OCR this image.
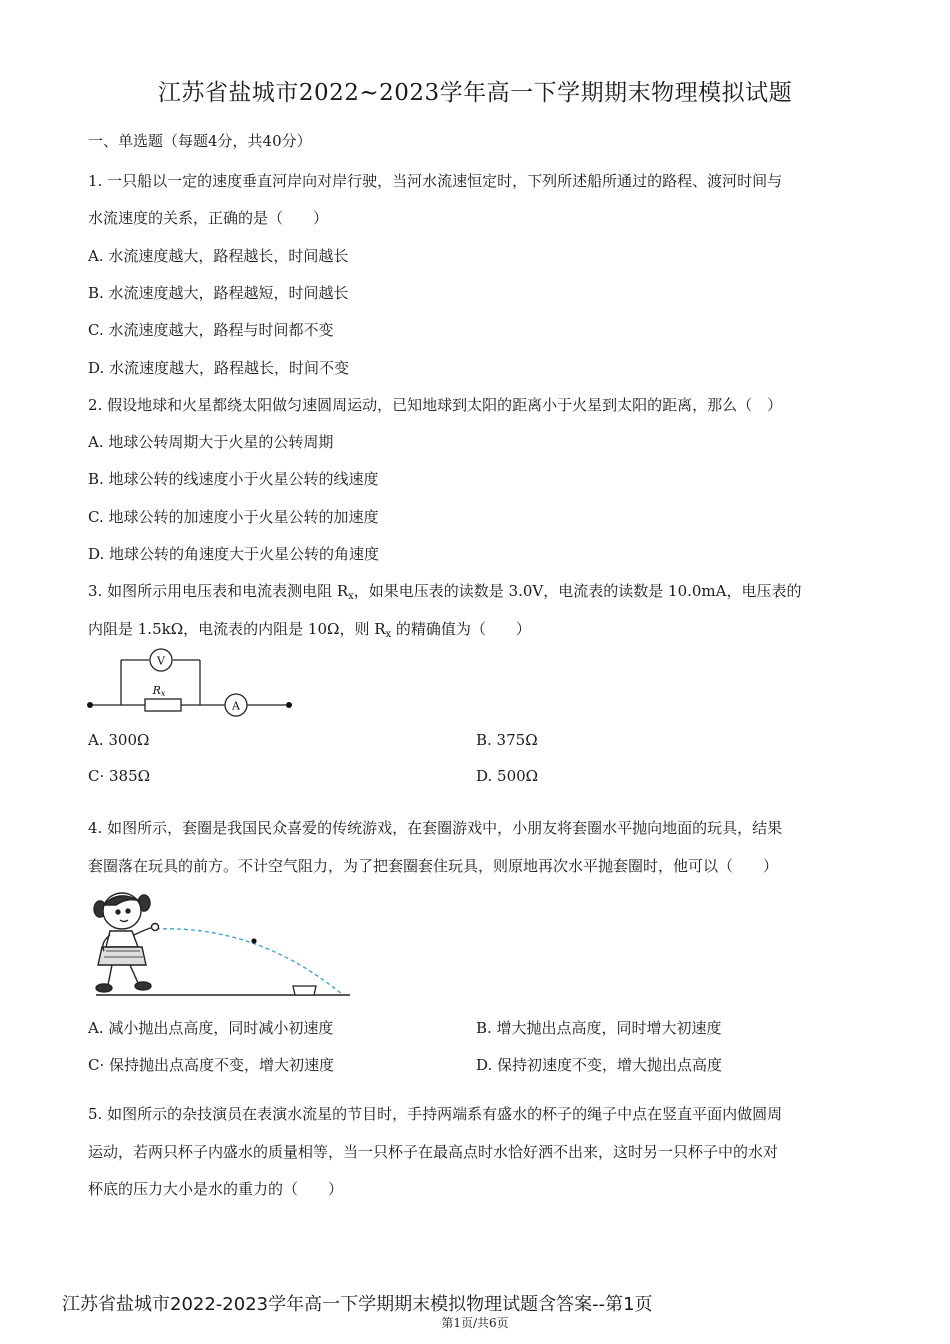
江苏省盐城市2022~2023学年高一下学期期末物理模拟试题
一、单选题（每题4分，共40分）
1. 一只船以一定的速度垂直河岸向对岸行驶，当河水流速恒定时，下列所述船所通过的路程、渡河时间与
水流速度的关系，正确的是（　　）
A. 水流速度越大，路程越长，时间越长
B. 水流速度越大，路程越短，时间越长
C. 水流速度越大，路程与时间都不变
D. 水流速度越大，路程越长，时间不变
2. 假设地球和火星都绕太阳做匀速圆周运动，已知地球到太阳的距离小于火星到太阳的距离，那么（　）
A. 地球公转周期大于火星的公转周期
B. 地球公转的线速度小于火星公转的线速度
C. 地球公转的加速度小于火星公转的加速度
D. 地球公转的角速度大于火星公转的角速度
3. 如图所示用电压表和电流表测电阻 $R_x$，如果电压表的读数是 3.0V，电流表的读数是 10.0mA，电压表的
内阻是 1.5kΩ，电流表的内阻是 10Ω，则 $R_x$ 的精确值为（　　）
V
A
Rx
A. 300Ω	B. 375Ω
C· 385Ω	D. 500Ω
4. 如图所示，套圈是我国民众喜爱的传统游戏，在套圈游戏中，小朋友将套圈水平抛向地面的玩具，结果
套圈落在玩具的前方。不计空气阻力，为了把套圈套住玩具，则原地再次水平抛套圈时，他可以（　　）
A. 减小抛出点高度，同时减小初速度	B. 增大抛出点高度，同时增大初速度
C· 保持抛出点高度不变，增大初速度	D. 保持初速度不变，增大抛出点高度
5. 如图所示的杂技演员在表演水流星的节目时，手持两端系有盛水的杯子的绳子中点在竖直平面内做圆周
运动，若两只杯子内盛水的质量相等，当一只杯子在最高点时水恰好洒不出来，这时另一只杯子中的水对
杯底的压力大小是水的重力的（　　）
江苏省盐城市2022-2023学年高一下学期期末模拟物理试题含答案--第1页
第1页/共6页
